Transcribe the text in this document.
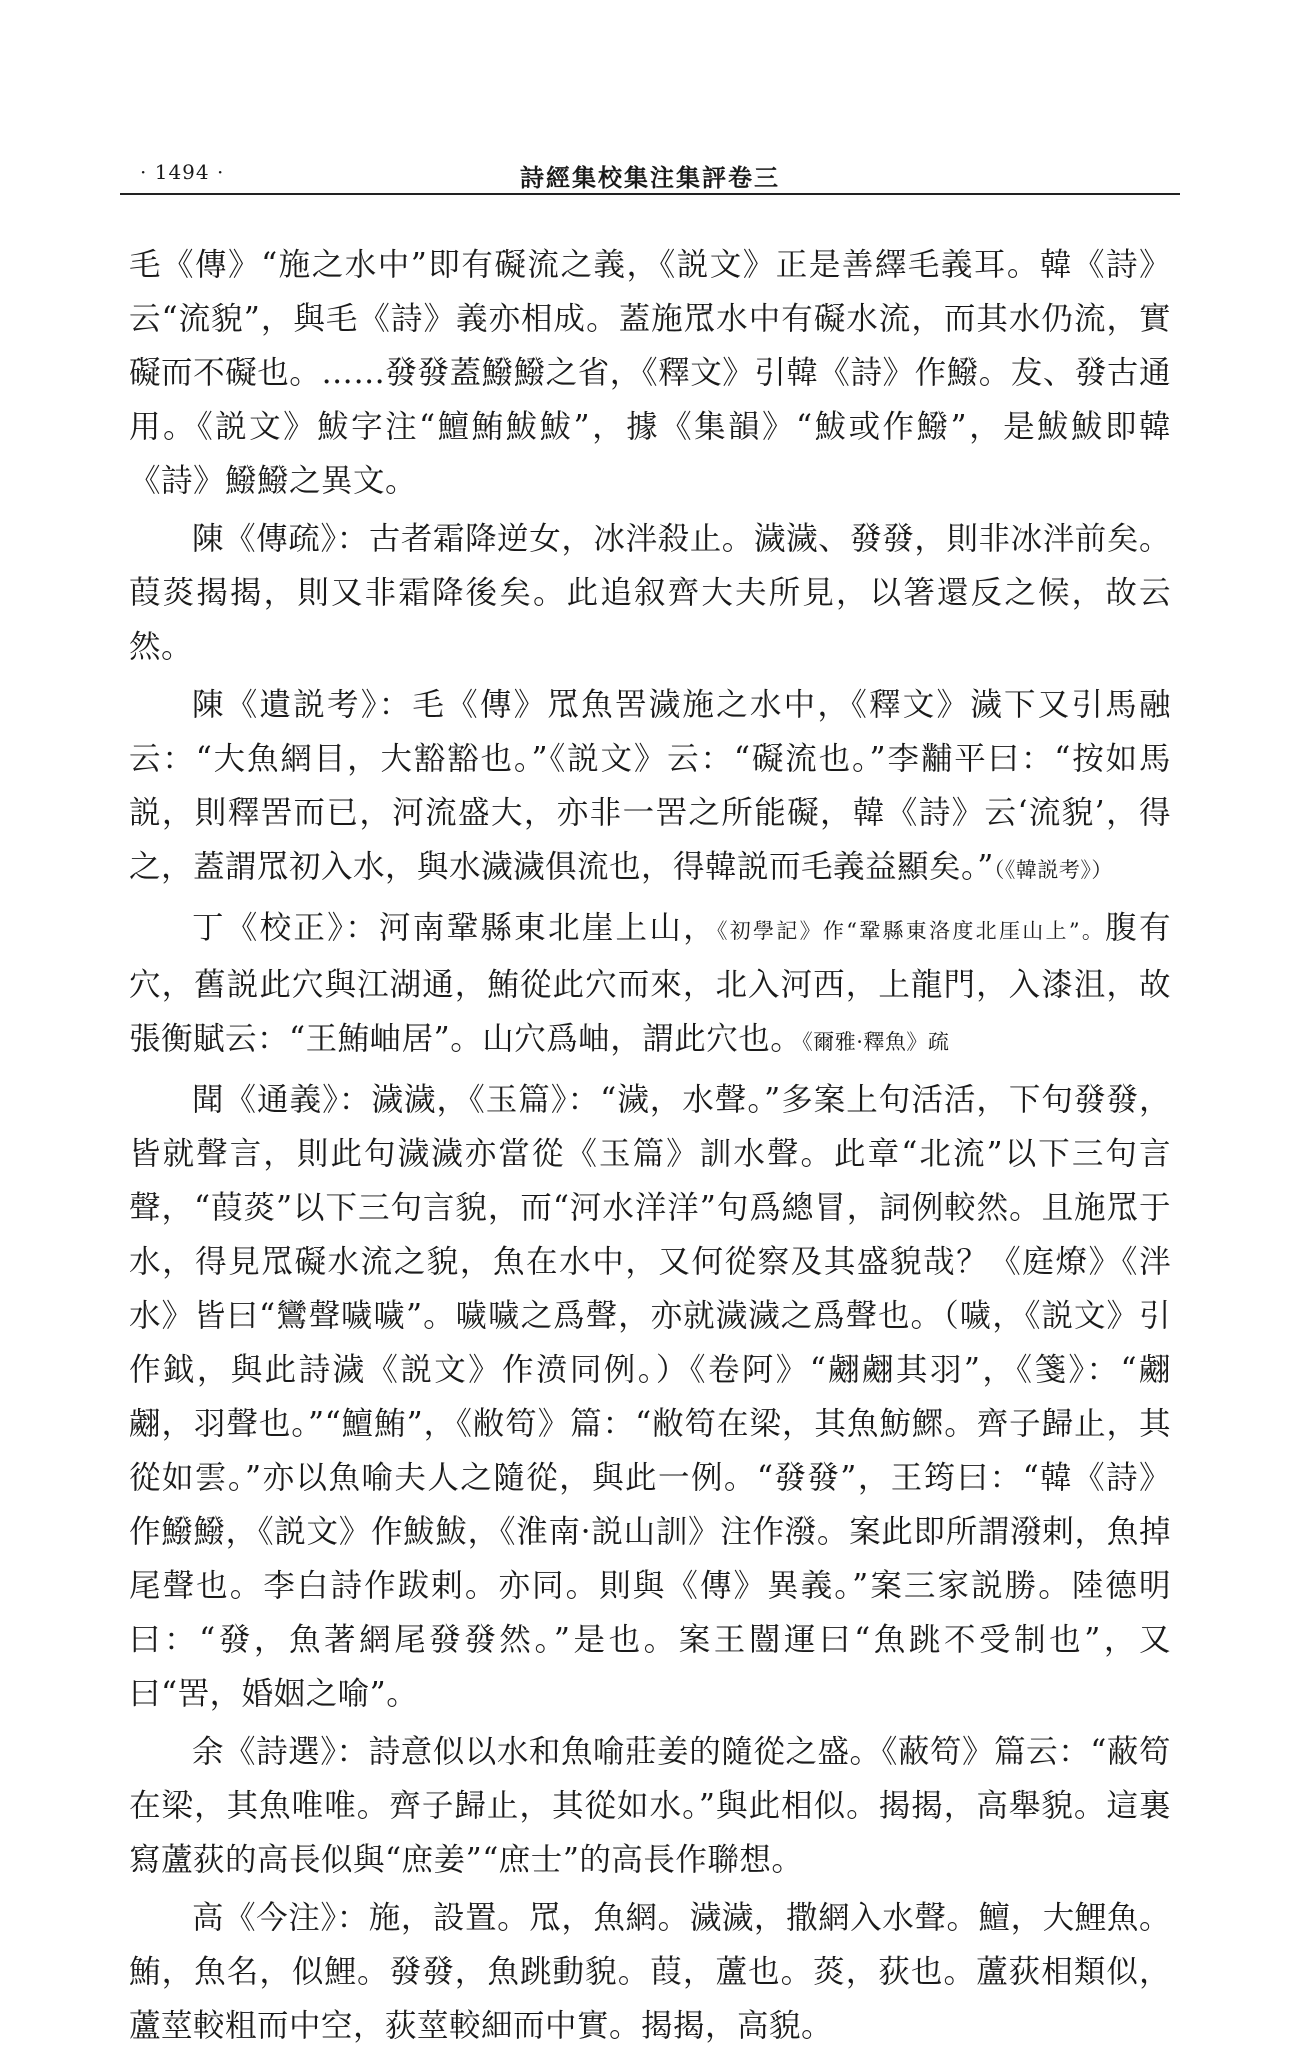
· 1494 ·	詩經集校集注集評卷三

毛《傳》“施之水中”即有礙流之義，《説文》正是善繹毛義耳。韓《詩》云“流貌”，與毛《詩》義亦相成。蓋施罛水中有礙水流，而其水仍流，實礙而不礙也。……發發蓋鱍鱍之省，《釋文》引韓《詩》作鱍。犮、發古通用。《説文》鮁字注“鱣鮪鮁鮁”，據《集韻》“鮁或作鱍”，是鮁鮁即韓《詩》鱍鱍之異文。

陳《傳疏》：古者霜降逆女，冰泮殺止。濊濊、發發，則非冰泮前矣。葭菼揭揭，則又非霜降後矣。此追叙齊大夫所見，以箸還反之候，故云然。

陳《遺説考》：毛《傳》罛魚罟濊施之水中，《釋文》濊下又引馬融云：“大魚網目，大豁豁也。”《説文》云：“礙流也。”李黼平曰：“按如馬説，則釋罟而已，河流盛大，亦非一罟之所能礙，韓《詩》云‘流貌’，得之，蓋謂罛初入水，與水濊濊俱流也，得韓説而毛義益顯矣。”（《韓説考》）

丁《校正》：河南鞏縣東北崖上山，《初學記》作“鞏縣東洛度北厓山上”。腹有穴，舊説此穴與江湖通，鮪從此穴而來，北入河西，上龍門，入漆沮，故張衡賦云：“王鮪岫居”。山穴爲岫，謂此穴也。《爾雅·釋魚》疏

聞《通義》：濊濊，《玉篇》：“濊，水聲。”多案上句活活，下句發發，皆就聲言，則此句濊濊亦當從《玉篇》訓水聲。此章“北流”以下三句言聲，“葭菼”以下三句言貌，而“河水洋洋”句爲總冒，詞例較然。且施罛于水，得見罛礙水流之貌，魚在水中，又何從察及其盛貌哉？《庭燎》《泮水》皆曰“鸞聲噦噦”。噦噦之爲聲，亦就濊濊之爲聲也。（噦，《説文》引作鉞，與此詩濊《説文》作𣸣同例。）《卷阿》“翽翽其羽”，《箋》：“翽翽，羽聲也。”“鱣鮪”，《敝笱》篇：“敝笱在梁，其魚魴鰥。齊子歸止，其從如雲。”亦以魚喻夫人之隨從，與此一例。“發發”，王筠曰：“韓《詩》作鱍鱍，《説文》作鮁鮁，《淮南·説山訓》注作潑。案此即所謂潑剌，魚掉尾聲也。李白詩作跋剌。亦同。則與《傳》異義。”案三家説勝。陸德明曰：“發，魚著網尾發發然。”是也。案王闓運曰“魚跳不受制也”，又曰“罟，婚姻之喻”。

余《詩選》：詩意似以水和魚喻莊姜的隨從之盛。《蔽笱》篇云：“蔽笱在梁，其魚唯唯。齊子歸止，其從如水。”與此相似。揭揭，高舉貌。這裏寫蘆荻的高長似與“庶姜”“庶士”的高長作聯想。

高《今注》：施，設置。罛，魚網。濊濊，撒網入水聲。鱣，大鯉魚。鮪，魚名，似鯉。發發，魚跳動貌。葭，蘆也。菼，荻也。蘆荻相類似，蘆莖較粗而中空，荻莖較細而中實。揭揭，高貌。
